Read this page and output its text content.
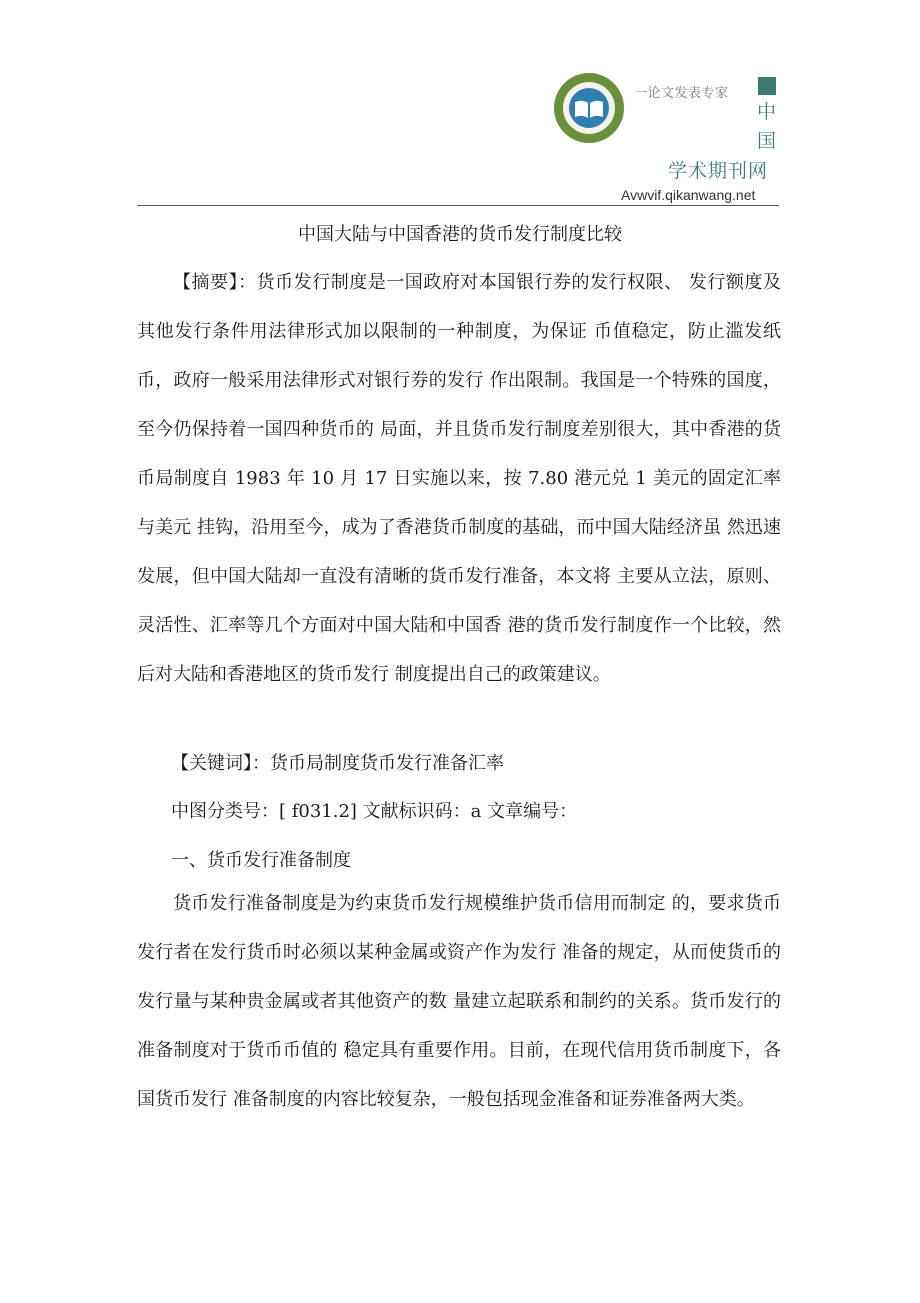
一论文发表专家
中
国
学术期刊网
Avwvif.qikanwang.net
中国大陆与中国香港的货币发行制度比较

【摘要】：货币发行制度是一国政府对本国银行券的发行权限、 发行额度及其他发行条件用法律形式加以限制的一种制度，为保证 币值稳定，防止滥发纸币，政府一般采用法律形式对银行券的发行 作出限制。我国是一个特殊的国度，至今仍保持着一国四种货币的 局面，并且货币发行制度差别很大，其中香港的货币局制度自 1983 年 10 月 17 日实施以来，按 7.80 港元兑 1 美元的固定汇率与美元 挂钩，沿用至今，成为了香港货币制度的基础，而中国大陆经济虽 然迅速发展，但中国大陆却一直没有清晰的货币发行准备，本文将 主要从立法，原则、灵活性、汇率等几个方面对中国大陆和中国香 港的货币发行制度作一个比较，然后对大陆和香港地区的货币发行 制度提出自己的政策建议。

【关键词】：货币局制度货币发行准备汇率
中图分类号：[ f031.2] 文献标识码：a 文章编号：
一、货币发行准备制度

货币发行准备制度是为约束货币发行规模维护货币信用而制定 的，要求货币发行者在发行货币时必须以某种金属或资产作为发行 准备的规定，从而使货币的发行量与某种贵金属或者其他资产的数 量建立起联系和制约的关系。货币发行的准备制度对于货币币值的 稳定具有重要作用。目前，在现代信用货币制度下，各国货币发行 准备制度的内容比较复杂，一般包括现金准备和证券准备两大类。
